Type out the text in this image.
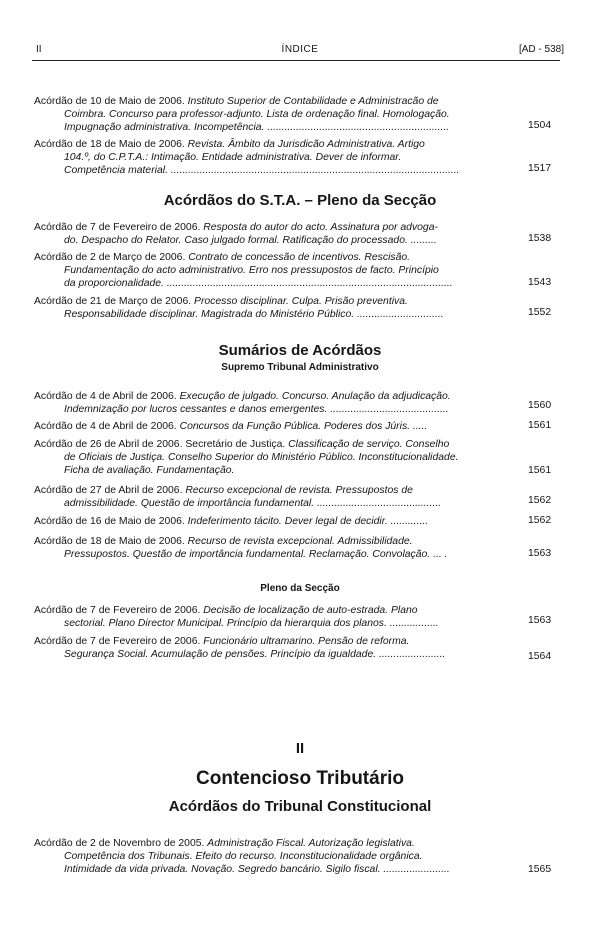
II	ÍNDICE	[AD - 538]
Acórdão de 10 de Maio de 2006. Instituto Superior de Contabilidade e Administracão de
Coimbra. Concurso para professor-adjunto. Lista de ordenação final. Homologação.
Impugnação administrativa. Incompetência. ...............................................................	1504
Acórdão de 18 de Maio de 2006. Revista. Âmbito da Jurisdicão Administrativa. Artigo
104.º, do C.P.T.A.: Intimação. Entidade administrativa. Dever de informar.
Competência material. ....................................................................................................	1517
Acórdãos do S.T.A. – Pleno da Secção
Acórdão de 7 de Fevereiro de 2006. Resposta do autor do acto. Assinatura por advoga-
do. Despacho do Relator. Caso julgado formal. Ratificação do processado. .........	1538
Acórdão de 2 de Março de 2006. Contrato de concessão de incentivos. Rescisão.
Fundamentação do acto administrativo. Erro nos pressupostos de facto. Princípio
da proporcionalidade. ...................................................................................................	1543
Acórdão de 21 de Março de 2006. Processo disciplinar. Culpa. Prisão preventiva.
Responsabilidade disciplinar. Magistrada do Ministério Público. ..............................	1552
Sumários de Acórdãos
Supremo Tribunal Administrativo
Acórdão de 4 de Abril de 2006. Execução de julgado. Concurso. Anulação da adjudicação.
Indemnização por lucros cessantes e danos emergentes. .........................................	1560
Acórdão de 4 de Abril de 2006. Concursos da Função Pública. Poderes dos Júris. .....	1561
Acórdão de 26 de Abril de 2006. Secretário de Justiça. Classificação de serviço. Conselho
de Oficiais de Justiça. Conselho Superior do Ministério Público. Inconstitucionalidade.
Ficha de avaliação. Fundamentação.	1561
Acórdão de 27 de Abril de 2006. Recurso excepcional de revista. Pressupostos de
admissibilidade. Questão de importância fundamental. ...........................................	1562
Acórdão de 16 de Maio de 2006. Indeferimento tácito. Dever legal de decidir. .............	1562
Acórdão de 18 de Maio de 2006. Recurso de revista excepcional. Admissibilidade.
Pressupostos. Questão de importância fundamental. Reclamação. Convolação. ... .	1563
Pleno da Secção
Acórdão de 7 de Fevereiro de 2006. Decisão de localização de auto-estrada. Plano
sectorial. Plano Director Municipal. Princípio da hierarquia dos planos. .................	1563
Acórdão de 7 de Fevereiro de 2006. Funcionário ultramarino. Pensão de reforma.
Segurança Social. Acumulação de pensões. Princípio da igualdade. .......................	1564
II
Contencioso Tributário
Acórdãos do Tribunal Constitucional
Acórdão de 2 de Novembro de 2005. Administração Fiscal. Autorização legislativa.
Competência dos Tribunais. Efeito do recurso. Inconstitucionalidade orgânica.
Intimidade da vida privada. Novação. Segredo bancário. Sigilo fiscal. .......................	1565
